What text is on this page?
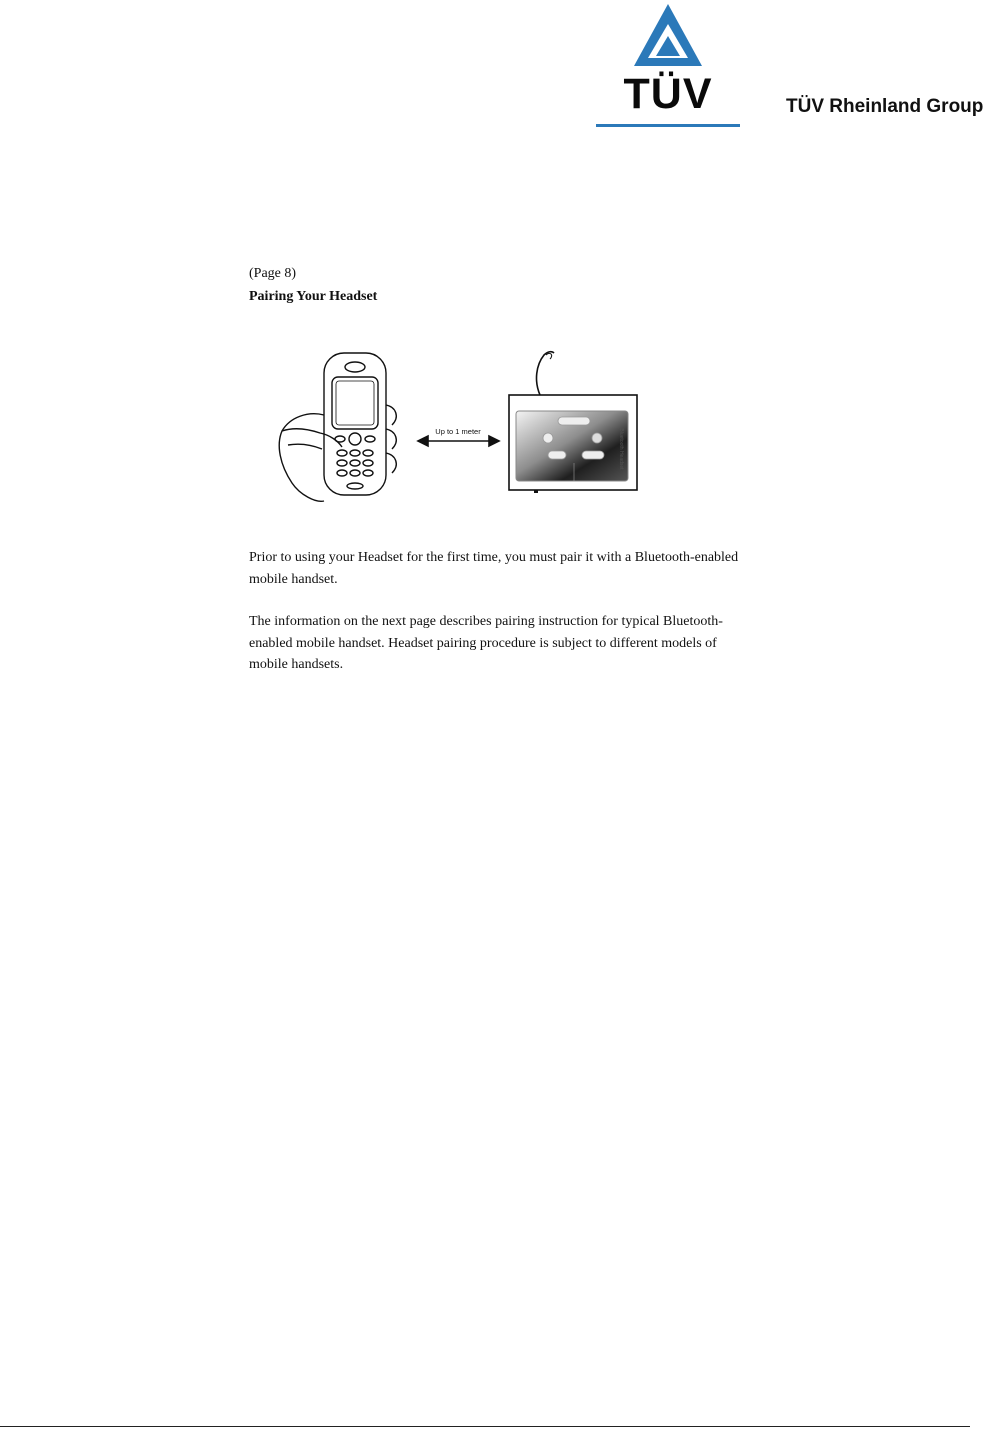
TÜV	TÜV Rheinland Group
(Page 8)
Pairing Your Headset
Up to 1 meter	Bluetooth Headset

Prior to using your Headset for the first time, you must pair it with a Bluetooth-enabled mobile handset.

The information on the next page describes pairing instruction for typical Bluetooth-enabled mobile handset. Headset pairing procedure is subject to different models of mobile handsets.
